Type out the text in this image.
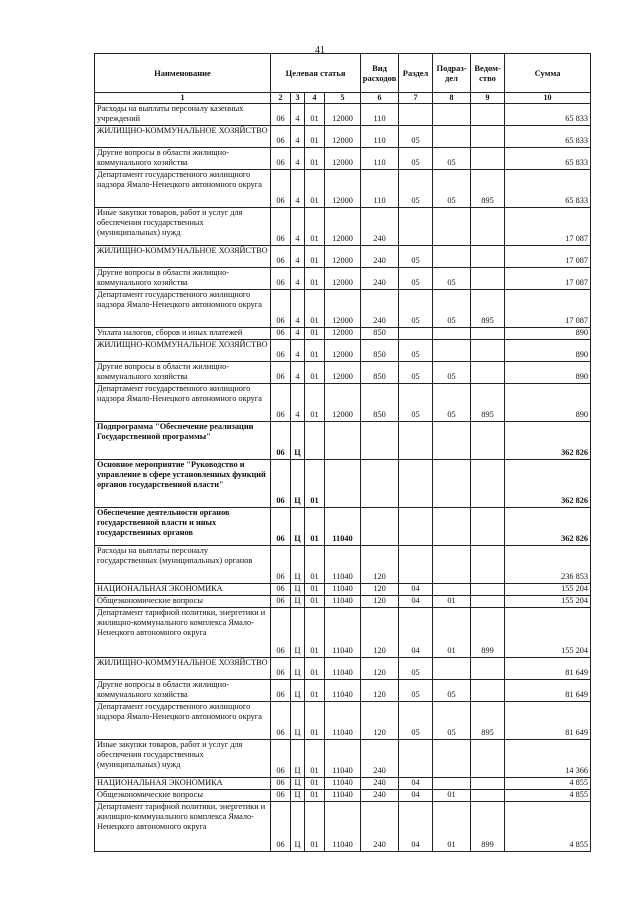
41
Наименование	Целевая статья				Вид расходов	Раздел	Подраз-дел	Ведом-ство	Сумма
1	2	3	4	5	6	7	8	9	10
Расходы на выплаты персоналу казенных учреждений	06	4	01	12000	110				65 833
ЖИЛИЩНО-КОММУНАЛЬНОЕ ХОЗЯЙСТВО	06	4	01	12000	110	05			65 833
Другие вопросы в области жилищно-коммунального хозяйства	06	4	01	12000	110	05	05		65 833
Департамент государственного жилищного надзора Ямало-Ненецкого автономного округа	06	4	01	12000	110	05	05	895	65 833
Иные закупки товаров, работ и услуг для обеспечения государственных (муниципальных) нужд	06	4	01	12000	240				17 087
ЖИЛИЩНО-КОММУНАЛЬНОЕ ХОЗЯЙСТВО	06	4	01	12000	240	05			17 087
Другие вопросы в области жилищно-коммунального хозяйства	06	4	01	12000	240	05	05		17 087
Департамент государственного жилищного надзора Ямало-Ненецкого автономного округа	06	4	01	12000	240	05	05	895	17 087
Уплата налогов, сборов и иных платежей	06	4	01	12000	850				890
ЖИЛИЩНО-КОММУНАЛЬНОЕ ХОЗЯЙСТВО	06	4	01	12000	850	05			890
Другие вопросы в области жилищно-коммунального хозяйства	06	4	01	12000	850	05	05		890
Департамент государственного жилищного надзора Ямало-Ненецкого автономного округа	06	4	01	12000	850	05	05	895	890
Подпрограмма "Обеспечение реализации Государственной программы"	06	Ц							362 826
Основное мероприятие "Руководство и управление в сфере установленных функций органов государственной власти"	06	Ц	01						362 826
Обеспечение деятельности органов государственной власти и иных государственных органов	06	Ц	01	11040					362 826
Расходы на выплаты персоналу государственных (муниципальных) органов	06	Ц	01	11040	120				236 853
НАЦИОНАЛЬНАЯ ЭКОНОМИКА	06	Ц	01	11040	120	04			155 204
Общеэкономические вопросы	06	Ц	01	11040	120	04	01		155 204
Департамент тарифной политики, энергетики и жилищно-коммунального комплекса Ямало-Ненецкого автономного округа	06	Ц	01	11040	120	04	01	899	155 204
ЖИЛИЩНО-КОММУНАЛЬНОЕ ХОЗЯЙСТВО	06	Ц	01	11040	120	05			81 649
Другие вопросы в области жилищно-коммунального хозяйства	06	Ц	01	11040	120	05	05		81 649
Департамент государственного жилищного надзора Ямало-Ненецкого автономного округа	06	Ц	01	11040	120	05	05	895	81 649
Иные закупки товаров, работ и услуг для обеспечения государственных (муниципальных) нужд	06	Ц	01	11040	240				14 366
НАЦИОНАЛЬНАЯ ЭКОНОМИКА	06	Ц	01	11040	240	04			4 855
Общеэкономические вопросы	06	Ц	01	11040	240	04	01		4 855
Департамент тарифной политики, энергетики и жилищно-коммунального комплекса Ямало-Ненецкого автономного округа	06	Ц	01	11040	240	04	01	899	4 855
